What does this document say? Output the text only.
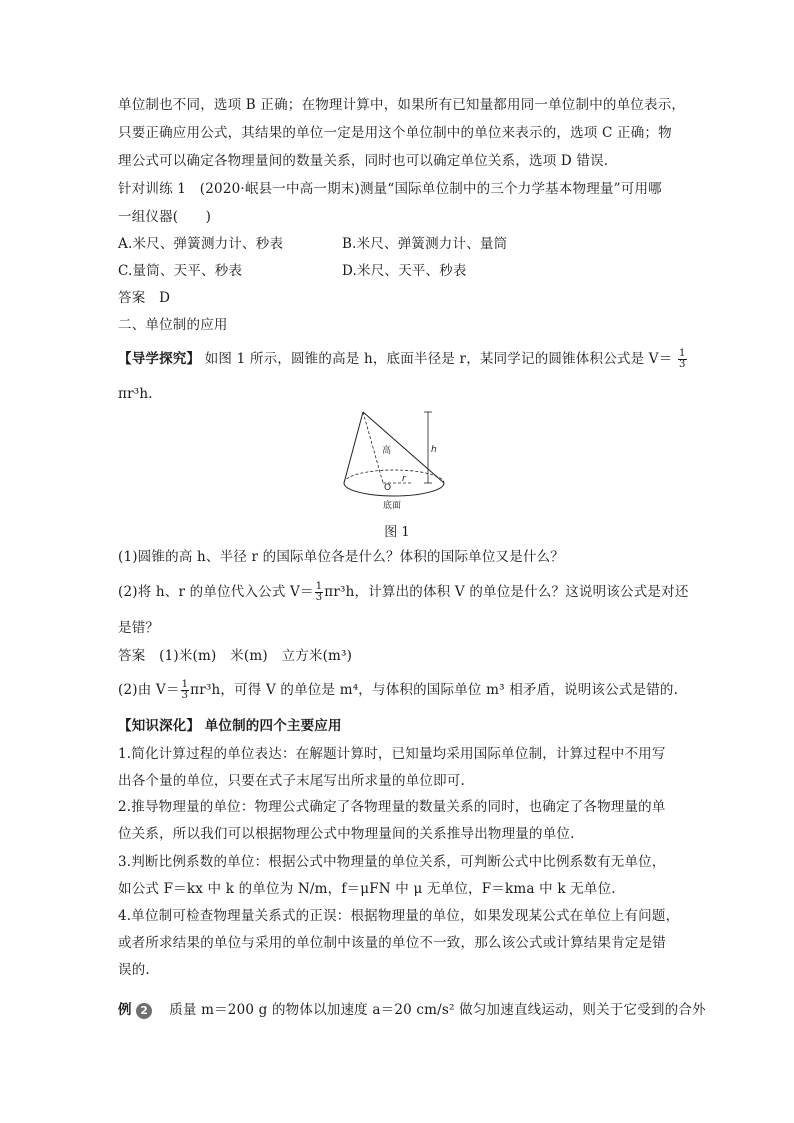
单位制也不同，选项 B 正确；在物理计算中，如果所有已知量都用同一单位制中的单位表示，
只要正确应用公式，其结果的单位一定是用这个单位制中的单位来表示的，选项 C 正确；物
理公式可以确定各物理量间的数量关系，同时也可以确定单位关系，选项 D 错误.
针对训练 1　(2020·岷县一中高一期末)测量“国际单位制中的三个力学基本物理量”可用哪
一组仪器(　　)
A.米尺、弹簧测力计、秒表	B.米尺、弹簧测力计、量筒
C.量筒、天平、秒表	D.米尺、天平、秒表
答案　D
二、单位制的应用
【导学探究】 如图 1 所示，圆锥的高是 h，底面半径是 r，某同学记的圆锥体积公式是 $V= \frac{1}{3}$
πr³h.
高	h
O
r
底面
图 1
(1)圆锥的高 h、半径 r 的国际单位各是什么？体积的国际单位又是什么？
(2)将 h、r 的单位代入公式 $V= \frac{1}{3} \pi r^3h$，计算出的体积 V 的单位是什么？这说明该公式是对还
是错？
答案　(1)米(m)　米(m)　立方米(m³)
(2)由 $V= \frac{1}{3} \pi r^3h$，可得 V 的单位是 m⁴，与体积的国际单位 m³ 相矛盾，说明该公式是错的.
【知识深化】 单位制的四个主要应用
1.简化计算过程的单位表达：在解题计算时，已知量均采用国际单位制，计算过程中不用写
出各个量的单位，只要在式子末尾写出所求量的单位即可.
2.推导物理量的单位：物理公式确定了各物理量的数量关系的同时，也确定了各物理量的单
位关系，所以我们可以根据物理公式中物理量间的关系推导出物理量的单位.
3.判断比例系数的单位：根据公式中物理量的单位关系，可判断公式中比例系数有无单位，
如公式 F＝kx 中 k 的单位为 N/m，f＝μFN 中 μ 无单位，F＝kma 中 k 无单位.
4.单位制可检查物理量关系式的正误：根据物理量的单位，如果发现某公式在单位上有问题，
或者所求结果的单位与采用的单位制中该量的单位不一致，那么该公式或计算结果肯定是错
误的.
例 2 质量 m＝200 g 的物体以加速度 a＝20 cm/s² 做匀加速直线运动，则关于它受到的合外
